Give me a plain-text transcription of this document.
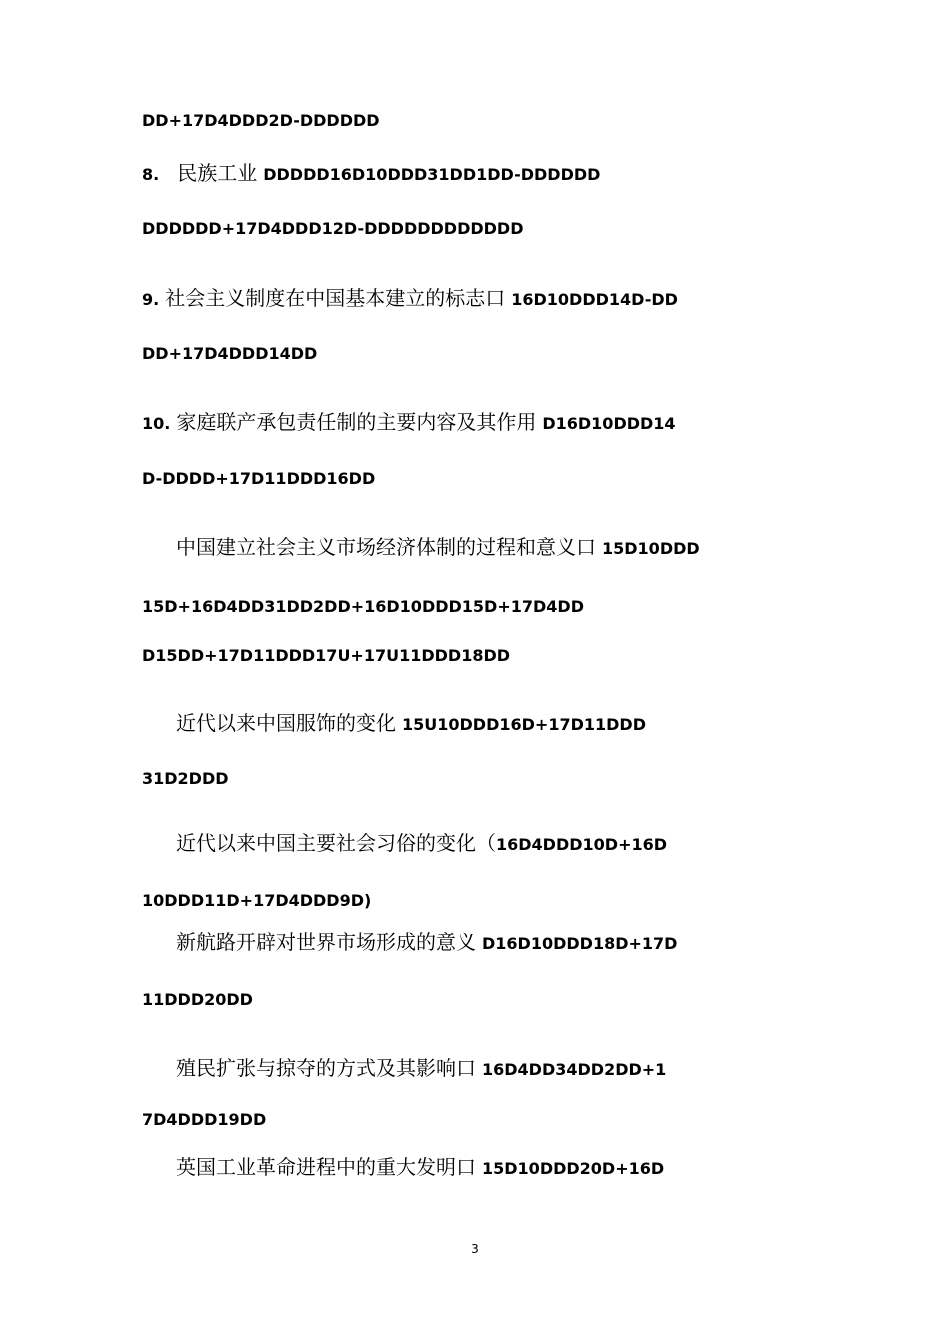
DD+17D4DDD2D-DDDDDD
8. 民族工业 DDDDD16D10DDD31DD1DD-DDDDDD
DDDDDD+17D4DDD12D-DDDDDDDDDDDD
9. 社会主义制度在中国基本建立的标志口 16D10DDD14D-DD
DD+17D4DDD14DD
10. 家庭联产承包责任制的主要内容及其作用 D16D10DDD14
D-DDDD+17D11DDD16DD
中国建立社会主义市场经济体制的过程和意义口 15D10DDD
15D+16D4DD31DD2DD+16D10DDD15D+17D4DD
D15DD+17D11DDD17U+17U11DDD18DD
近代以来中国服饰的变化 15U10DDD16D+17D11DDD
31D2DDD
近代以来中国主要社会习俗的变化（16D4DDD10D+16D
10DDD11D+17D4DDD9D)
新航路开辟对世界市场形成的意义 D16D10DDD18D+17D
11DDD20DD
殖民扩张与掠夺的方式及其影响口 16D4DD34DD2DD+1
7D4DDD19DD
英国工业革命进程中的重大发明口 15D10DDD20D+16D
3
